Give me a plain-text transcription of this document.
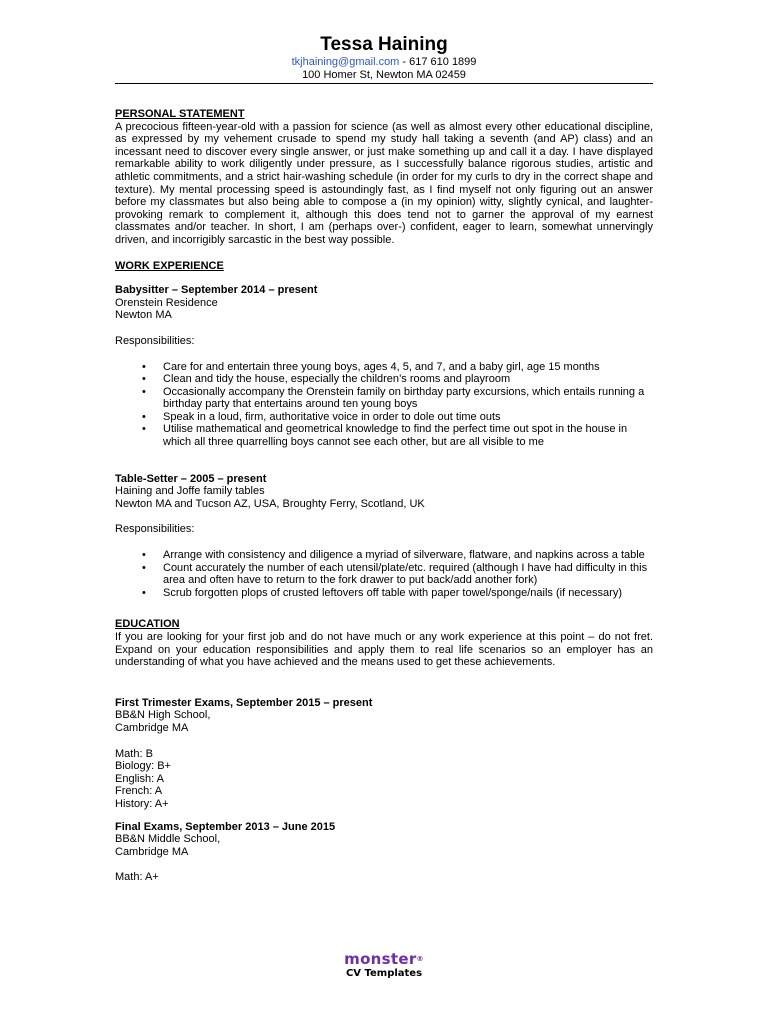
Tessa Haining
tkjhaining@gmail.com - 617 610 1899
100 Homer St, Newton MA 02459
PERSONAL STATEMENT
A precocious fifteen-year-old with a passion for science (as well as almost every other educational discipline, as expressed by my vehement crusade to spend my study hall taking a seventh (and AP) class) and an incessant need to discover every single answer, or just make something up and call it a day. I have displayed remarkable ability to work diligently under pressure, as I successfully balance rigorous studies, artistic and athletic commitments, and a strict hair-washing schedule (in order for my curls to dry in the correct shape and texture). My mental processing speed is astoundingly fast, as I find myself not only figuring out an answer before my classmates but also being able to compose a (in my opinion) witty, slightly cynical, and laughter-provoking remark to complement it, although this does tend not to garner the approval of my earnest classmates and/or teacher. In short, I am (perhaps over-) confident, eager to learn, somewhat unnervingly driven, and incorrigibly sarcastic in the best way possible.
WORK EXPERIENCE
Babysitter – September 2014 – present
Orenstein Residence
Newton MA
Responsibilities:
• Care for and entertain three young boys, ages 4, 5, and 7, and a baby girl, age 15 months
• Clean and tidy the house, especially the children’s rooms and playroom
• Occasionally accompany the Orenstein family on birthday party excursions, which entails running a birthday party that entertains around ten young boys
• Speak in a loud, firm, authoritative voice in order to dole out time outs
• Utilise mathematical and geometrical knowledge to find the perfect time out spot in the house in which all three quarrelling boys cannot see each other, but are all visible to me
Table-Setter – 2005 – present
Haining and Joffe family tables
Newton MA and Tucson AZ, USA, Broughty Ferry, Scotland, UK
Responsibilities:
• Arrange with consistency and diligence a myriad of silverware, flatware, and napkins across a table
• Count accurately the number of each utensil/plate/etc. required (although I have had difficulty in this area and often have to return to the fork drawer to put back/add another fork)
• Scrub forgotten plops of crusted leftovers off table with paper towel/sponge/nails (if necessary)
EDUCATION
If you are looking for your first job and do not have much or any work experience at this point – do not fret. Expand on your education responsibilities and apply them to real life scenarios so an employer has an understanding of what you have achieved and the means used to get these achievements.
First Trimester Exams, September 2015 – present
BB&N High School,
Cambridge MA
Math: B
Biology: B+
English: A
French: A
History: A+
Final Exams, September 2013 – June 2015
BB&N Middle School,
Cambridge MA
Math: A+
monster®
CV Templates
